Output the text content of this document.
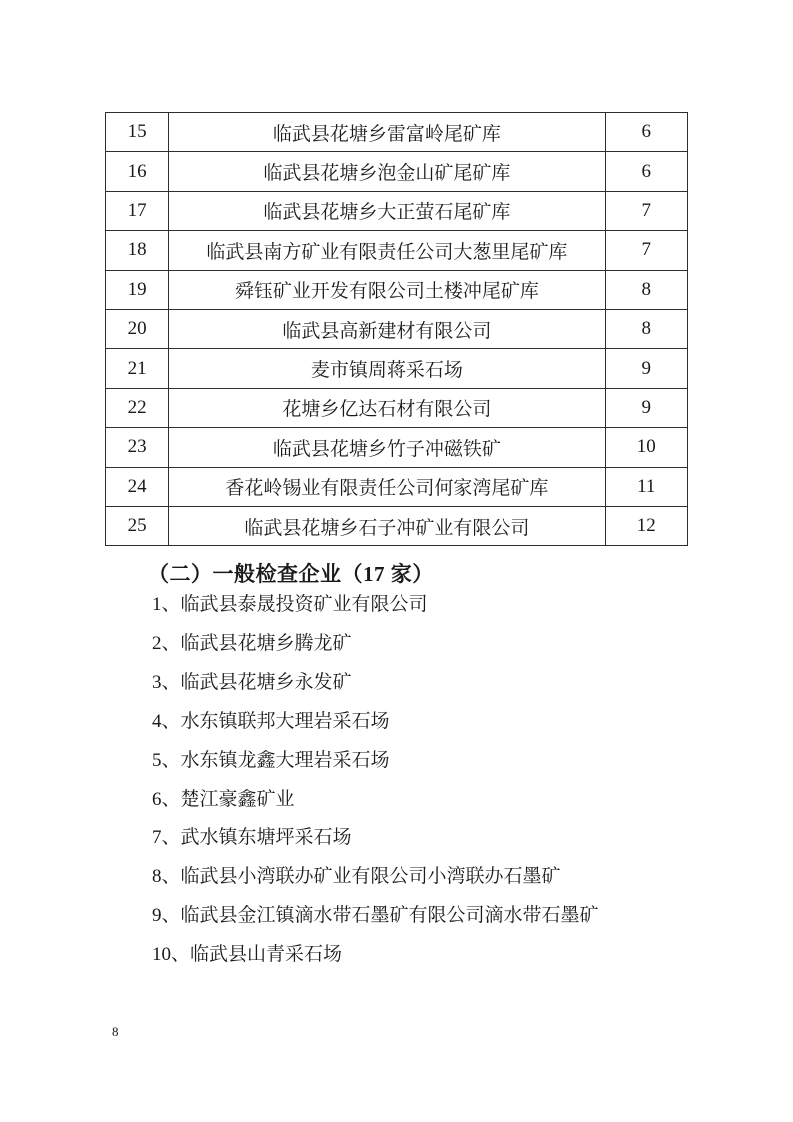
15	临武县花塘乡雷富岭尾矿库	6
16	临武县花塘乡泡金山矿尾矿库	6
17	临武县花塘乡大正萤石尾矿库	7
18	临武县南方矿业有限责任公司大葱里尾矿库	7
19	舜钰矿业开发有限公司土楼冲尾矿库	8
20	临武县高新建材有限公司	8
21	麦市镇周蒋采石场	9
22	花塘乡亿达石材有限公司	9
23	临武县花塘乡竹子冲磁铁矿	10
24	香花岭锡业有限责任公司何家湾尾矿库	11
25	临武县花塘乡石子冲矿业有限公司	12
（二）一般检查企业（17 家）
1、临武县泰晟投资矿业有限公司
2、临武县花塘乡腾龙矿
3、临武县花塘乡永发矿
4、水东镇联邦大理岩采石场
5、水东镇龙鑫大理岩采石场
6、楚江豪鑫矿业
7、武水镇东塘坪采石场
8、临武县小湾联办矿业有限公司小湾联办石墨矿
9、临武县金江镇滴水带石墨矿有限公司滴水带石墨矿
10、临武县山青采石场
8
